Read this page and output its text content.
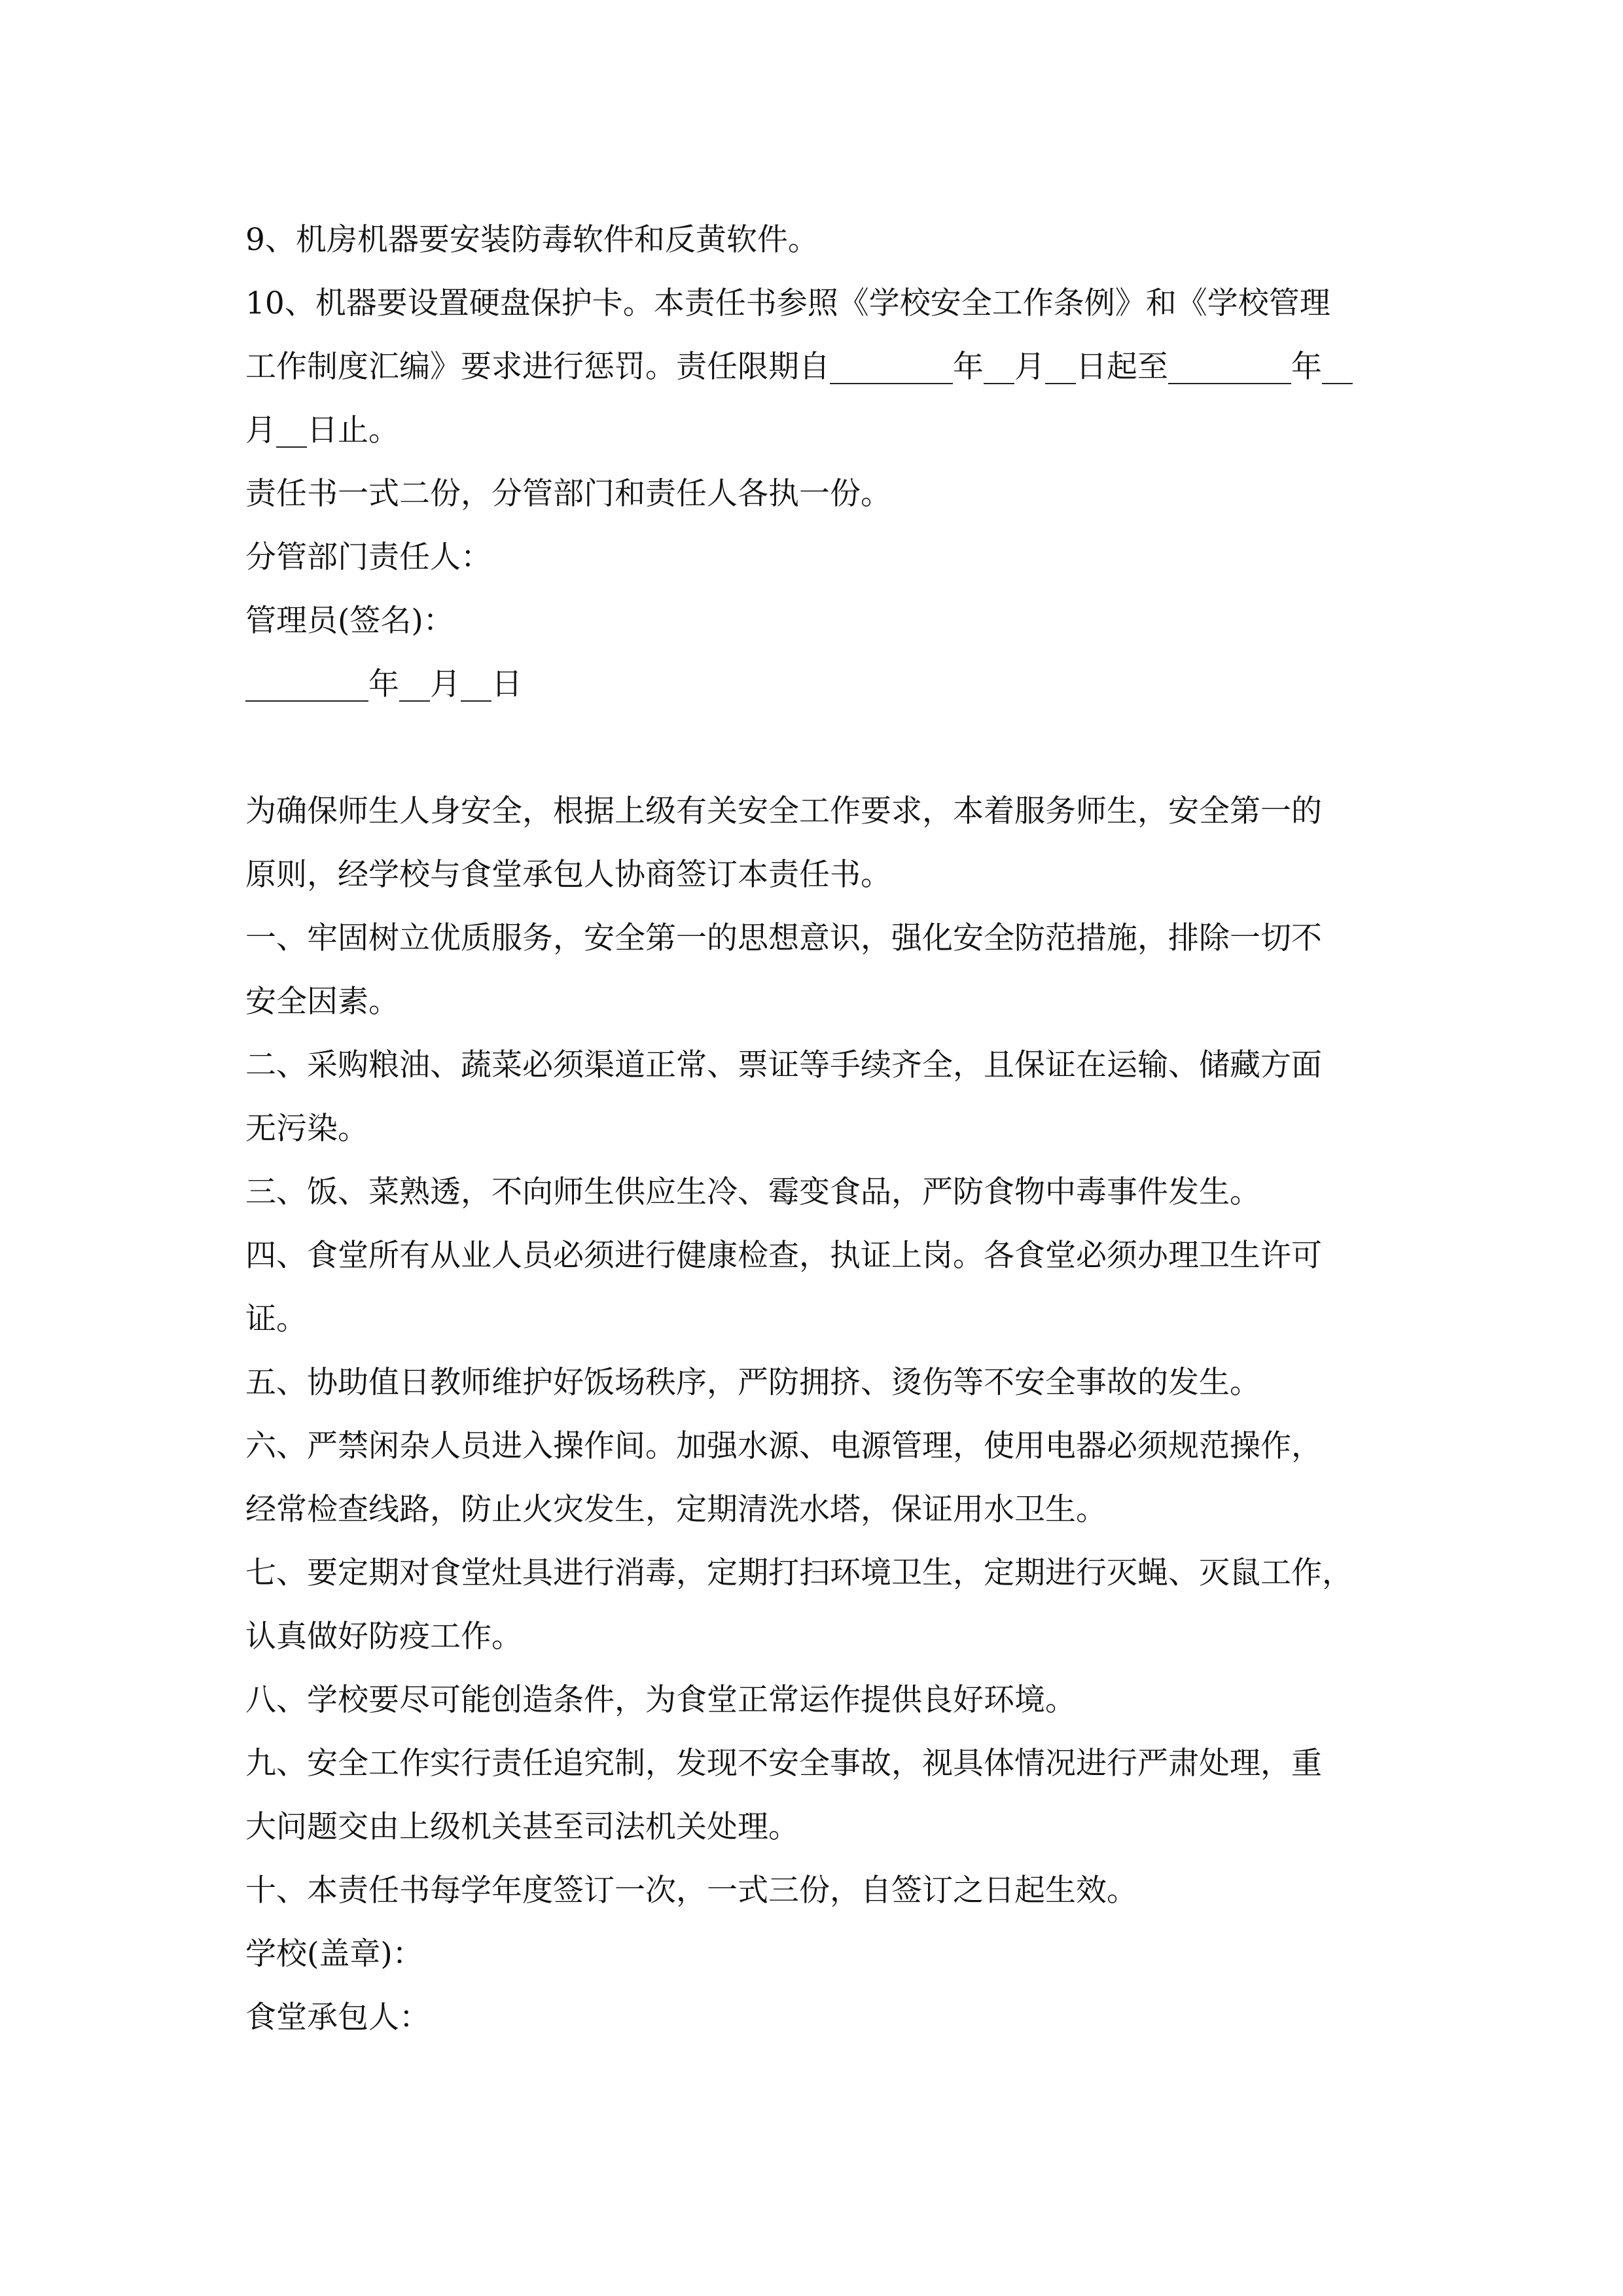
9、机房机器要安装防毒软件和反黄软件。
10、机器要设置硬盘保护卡。本责任书参照《学校安全工作条例》和《学校管理
工作制度汇编》要求进行惩罚。责任限期自________年__月__日起至________年__
月__日止。
责任书一式二份，分管部门和责任人各执一份。
分管部门责任人：
管理员(签名)：
________年__月__日
为确保师生人身安全，根据上级有关安全工作要求，本着服务师生，安全第一的
原则，经学校与食堂承包人协商签订本责任书。
一、牢固树立优质服务，安全第一的思想意识，强化安全防范措施，排除一切不
安全因素。
二、采购粮油、蔬菜必须渠道正常、票证等手续齐全，且保证在运输、储藏方面
无污染。
三、饭、菜熟透，不向师生供应生冷、霉变食品，严防食物中毒事件发生。
四、食堂所有从业人员必须进行健康检查，执证上岗。各食堂必须办理卫生许可
证。
五、协助值日教师维护好饭场秩序，严防拥挤、烫伤等不安全事故的发生。
六、严禁闲杂人员进入操作间。加强水源、电源管理，使用电器必须规范操作，
经常检查线路，防止火灾发生，定期清洗水塔，保证用水卫生。
七、要定期对食堂灶具进行消毒，定期打扫环境卫生，定期进行灭蝇、灭鼠工作，
认真做好防疫工作。
八、学校要尽可能创造条件，为食堂正常运作提供良好环境。
九、安全工作实行责任追究制，发现不安全事故，视具体情况进行严肃处理，重
大问题交由上级机关甚至司法机关处理。
十、本责任书每学年度签订一次，一式三份，自签订之日起生效。
学校(盖章)：
食堂承包人：
